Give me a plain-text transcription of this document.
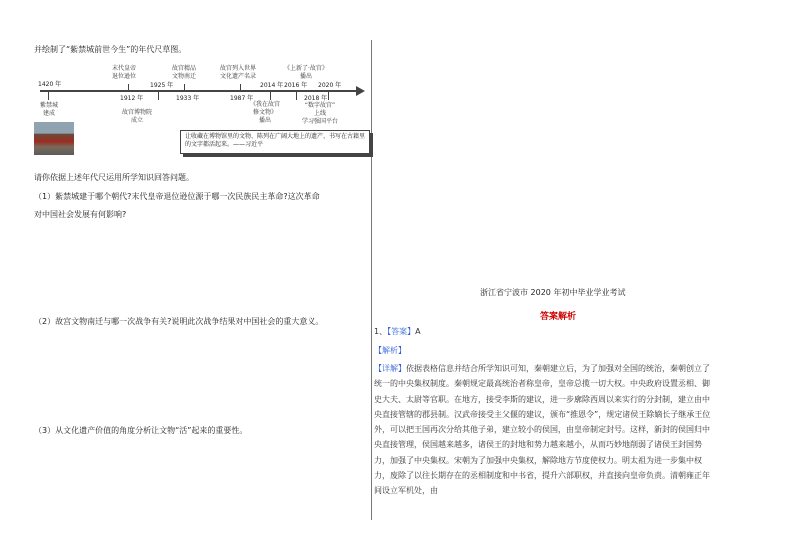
并绘制了“紫禁城前世今生”的年代尺草图。
1420 年
紫禁城
建成
末代皇帝
退位逊位
1912 年
故宫博物院
成立
1925 年
故宫精品
文物南迁
1933 年
故宫列入世界
文化遗产名录
1987 年
《上新了·故宫》
播出
2016 年 2020 年
2014 年
《我在故宫
修文物》
播出
2018 年
“数字故宫”
上线
学习强国平台
让收藏在博物馆里的文物、陈列在广阔大地上的遗产、书写在古籍里的文字都活起来。——习近平
请你依据上述年代尺运用所学知识回答问题。
（1）紫禁城建于哪个朝代?末代皇帝退位逊位源于哪一次民族民主革命?这次革命
对中国社会发展有何影响?
（2）故宫文物南迁与哪一次战争有关?说明此次战争结果对中国社会的重大意义。
（3）从文化遗产价值的角度分析让文物“活”起来的重要性。
浙江省宁波市 2020 年初中毕业学业考试
答案解析
1、【答案】A
【解析】
【详解】依据表格信息并结合所学知识可知，秦朝建立后，为了加强对全国的统治，秦朝创立了统一的中央集权制度。秦朝规定最高统治者称皇帝，皇帝总揽一切大权。中央政府设置丞相、御史大夫、太尉等官职。在地方，接受李斯的建议，进一步廓除西周以来实行的分封制，建立由中央直接管辖的郡县制。汉武帝接受主父偃的建议，颁布“推恩令”，规定诸侯王除嫡长子继承王位外，可以把王国再次分给其他子弟，建立较小的侯国，由皇帝制定封号。这样，新封的侯国归中央直接管理，侯国越来越多，诸侯王的封地和势力越来越小，从而巧妙地削弱了诸侯王封国势力，加强了中央集权。宋朝为了加强中央集权，解除地方节度使权力。明太祖为进一步集中权力，废除了以往长期存在的丞相制度和中书省，提升六部职权，并直接向皇帝负责。清朝雍正年间设立军机处，由
